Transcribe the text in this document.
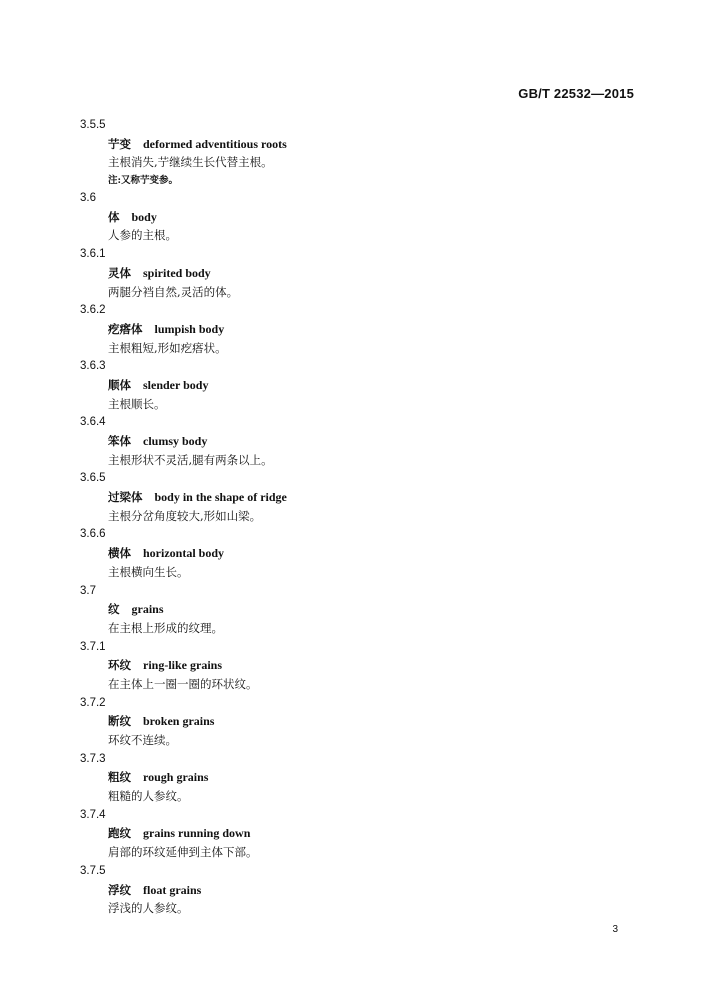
GB/T 22532—2015
3.5.5
艼变 deformed adventitious roots
主根消失,艼继续生长代替主根。
注:又称艼变参。
3.6
体 body
人参的主根。
3.6.1
灵体 spirited body
两腿分裆自然,灵活的体。
3.6.2
疙瘩体 lumpish body
主根粗短,形如疙瘩状。
3.6.3
顺体 slender body
主根顺长。
3.6.4
笨体 clumsy body
主根形状不灵活,腿有两条以上。
3.6.5
过梁体 body in the shape of ridge
主根分岔角度较大,形如山梁。
3.6.6
横体 horizontal body
主根横向生长。
3.7
纹 grains
在主根上形成的纹理。
3.7.1
环纹 ring-like grains
在主体上一圈一圈的环状纹。
3.7.2
断纹 broken grains
环纹不连续。
3.7.3
粗纹 rough grains
粗糙的人参纹。
3.7.4
跑纹 grains running down
肩部的环纹延伸到主体下部。
3.7.5
浮纹 float grains
浮浅的人参纹。
3
